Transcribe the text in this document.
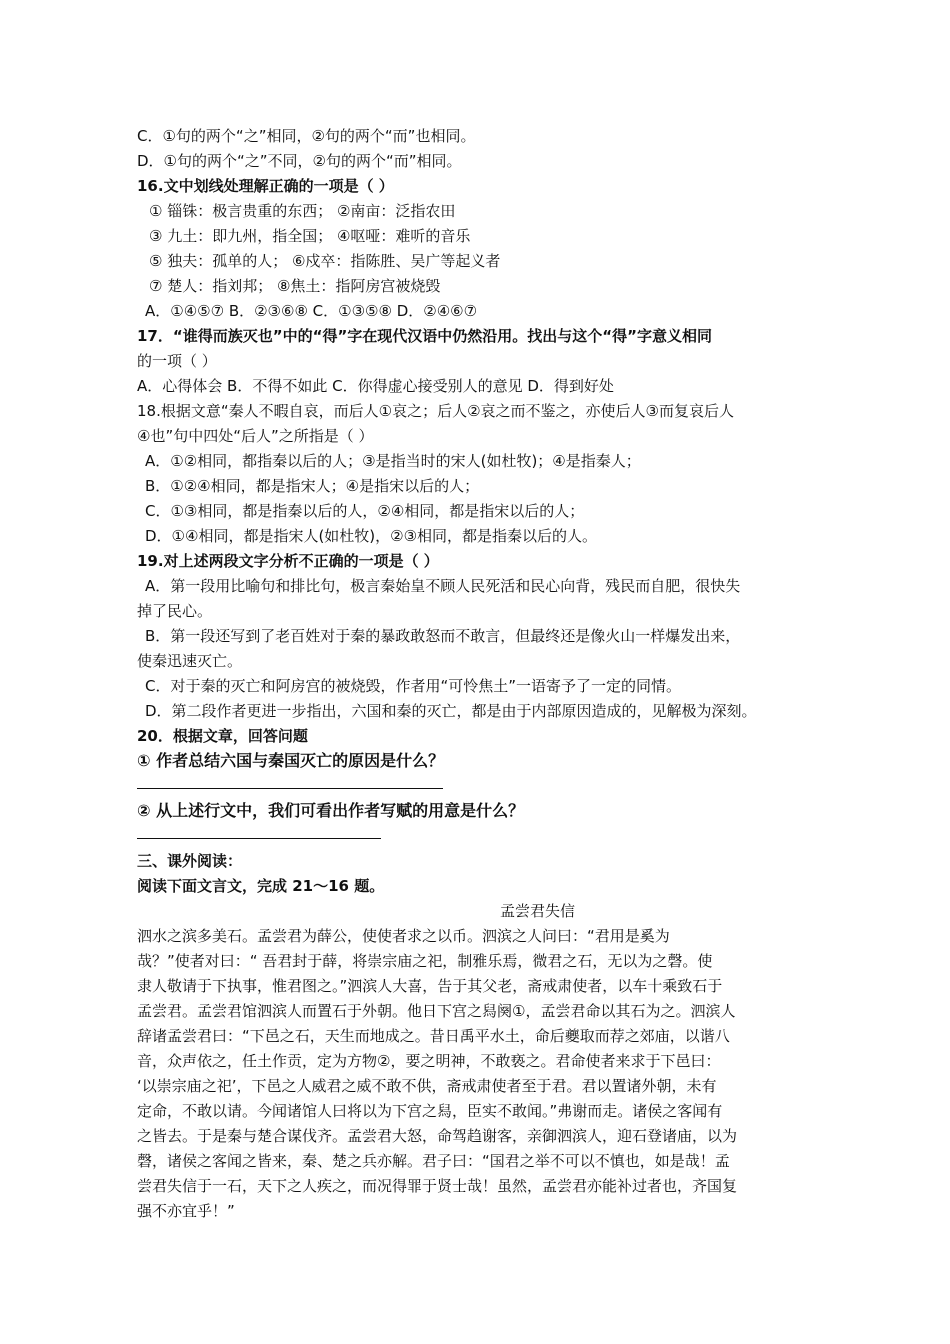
C．①句的两个“之”相同，②句的两个“而”也相同。
D．①句的两个“之”不同，②句的两个“而”相同。
16.文中划线处理解正确的一项是（ ）
① 锱铢：极言贵重的东西； ②南亩：泛指农田
③ 九土：即九州，指全国； ④呕哑：难听的音乐
⑤ 独夫：孤单的人； ⑥戍卒：指陈胜、吴广等起义者
⑦ 楚人：指刘邦； ⑧焦土：指阿房宫被烧毁
A．①④⑤⑦ B．②③⑥⑧ C．①③⑤⑧ D．②④⑥⑦
17．“谁得而族灭也”中的“得”字在现代汉语中仍然沿用。找出与这个“得”字意义相同
的一项（ ）
A．心得体会 B．不得不如此 C．你得虚心接受别人的意见 D．得到好处
18.根据文意“秦人不暇自哀，而后人①哀之；后人②哀之而不鉴之，亦使后人③而复哀后人
④也”句中四处“后人”之所指是（ ）
A．①②相同，都指秦以后的人；③是指当时的宋人(如杜牧)；④是指秦人；
B．①②④相同，都是指宋人；④是指宋以后的人；
C．①③相同，都是指秦以后的人，②④相同，都是指宋以后的人；
D．①④相同，都是指宋人(如杜牧)，②③相同，都是指秦以后的人。
19.对上述两段文字分析不正确的一项是（ ）
A．第一段用比喻句和排比句，极言秦始皇不顾人民死活和民心向背，残民而自肥，很快失
掉了民心。
B．第一段还写到了老百姓对于秦的暴政敢怒而不敢言，但最终还是像火山一样爆发出来，
使秦迅速灭亡。
C．对于秦的灭亡和阿房宫的被烧毁，作者用“可怜焦土”一语寄予了一定的同情。
D．第二段作者更进一步指出，六国和秦的灭亡，都是由于内部原因造成的，见解极为深刻。
20．根据文章，回答问题
① 作者总结六国与秦国灭亡的原因是什么？
② 从上述行文中，我们可看出作者写赋的用意是什么？
三、课外阅读：
阅读下面文言文，完成 21～16 题。
孟尝君失信
泗水之滨多美石。孟尝君为薛公，使使者求之以币。泗滨之人问曰：“君用是奚为
哉？”使者对曰：“ 吾君封于薛，将崇宗庙之祀，制雅乐焉，微君之石，无以为之磬。使
隶人敬请于下执事，惟君图之。”泗滨人大喜，告于其父老，斋戒肃使者，以车十乘致石于
孟尝君。孟尝君馆泗滨人而置石于外朝。他日下宫之舄阕①，孟尝君命以其石为之。泗滨人
辞诸孟尝君曰：“下邑之石，天生而地成之。昔日禹平水土，命后夔取而荐之郊庙，以谐八
音，众声依之，任土作贡，定为方物②，要之明神，不敢亵之。君命使者来求于下邑曰：
‘以崇宗庙之祀’，下邑之人威君之威不敢不供，斋戒肃使者至于君。君以置诸外朝，未有
定命，不敢以请。今闻诸馆人曰将以为下宫之舄，臣实不敢闻。”弗谢而走。诸侯之客闻有
之皆去。于是秦与楚合谋伐齐。孟尝君大怒，命驾趋谢客，亲御泗滨人，迎石登诸庙，以为
磬，诸侯之客闻之皆来，秦、楚之兵亦解。君子曰：“国君之举不可以不慎也，如是哉！孟
尝君失信于一石，天下之人疾之，而况得罪于贤士哉！虽然，孟尝君亦能补过者也，齐国复
强不亦宜乎！”
